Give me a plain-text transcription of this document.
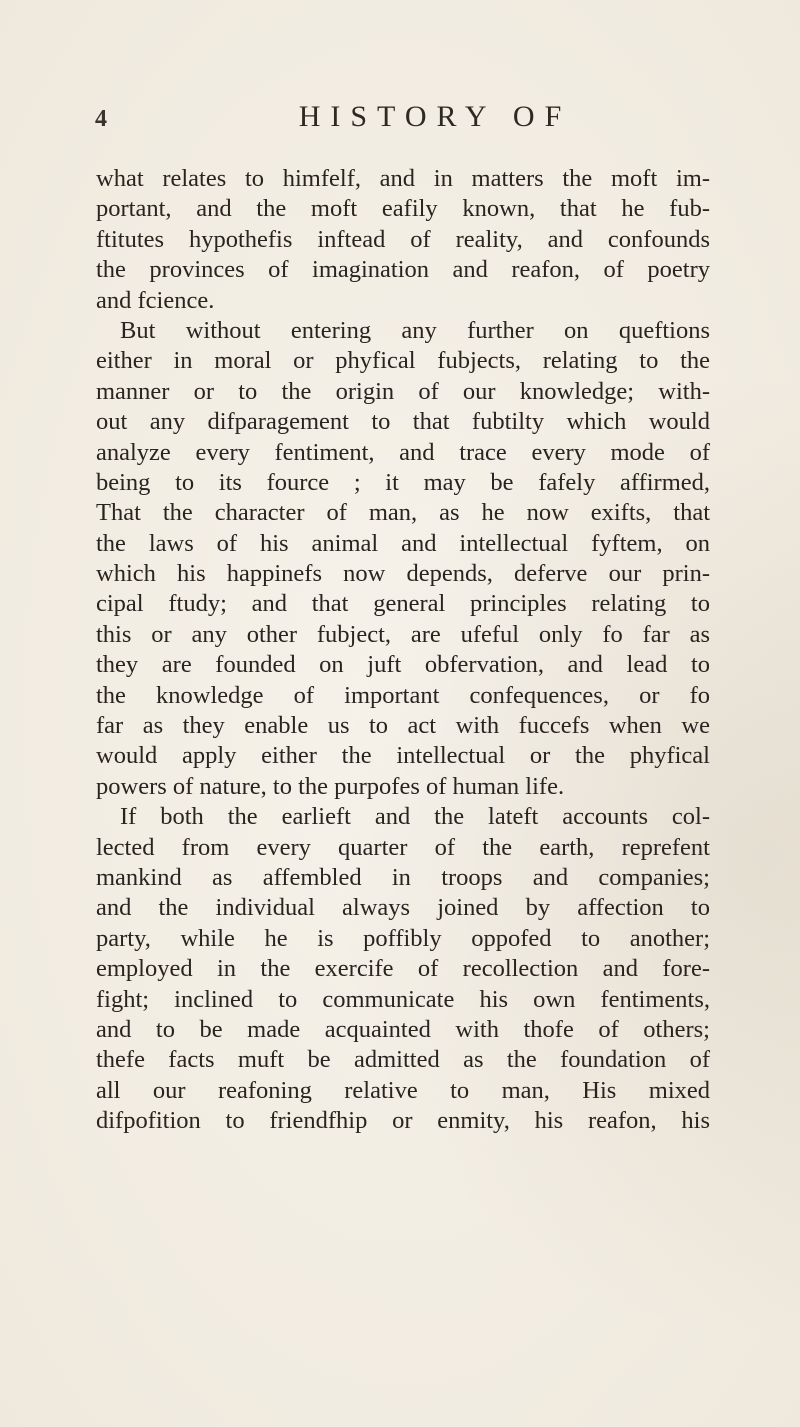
4	HISTORY OF
what relates to himfelf, and in matters the moft im-
portant, and the moft eafily known, that he fub-
ftitutes hypothefis inftead of reality, and confounds
the provinces of imagination and reafon, of poetry
and fcience.
But without entering any further on queftions
either in moral or phyfical fubjects, relating to the
manner or to the origin of our knowledge; with-
out any difparagement to that fubtilty which would
analyze every fentiment, and trace every mode of
being to its fource ; it may be fafely affirmed,
That the character of man, as he now exifts, that
the laws of his animal and intellectual fyftem, on
which his happinefs now depends, deferve our prin-
cipal ftudy; and that general principles relating to
this or any other fubject, are ufeful only fo far as
they are founded on juft obfervation, and lead to
the knowledge of important confequences, or fo
far as they enable us to act with fuccefs when we
would apply either the intellectual or the phyfical
powers of nature, to the purpofes of human life.
If both the earlieft and the lateft accounts col-
lected from every quarter of the earth, reprefent
mankind as affembled in troops and companies;
and the individual always joined by affection to
party, while he is poffibly oppofed to another;
employed in the exercife of recollection and fore-
fight; inclined to communicate his own fentiments,
and to be made acquainted with thofe of others;
thefe facts muft be admitted as the foundation of
all our reafoning relative to man, His mixed
difpofition to friendfhip or enmity, his reafon, his
